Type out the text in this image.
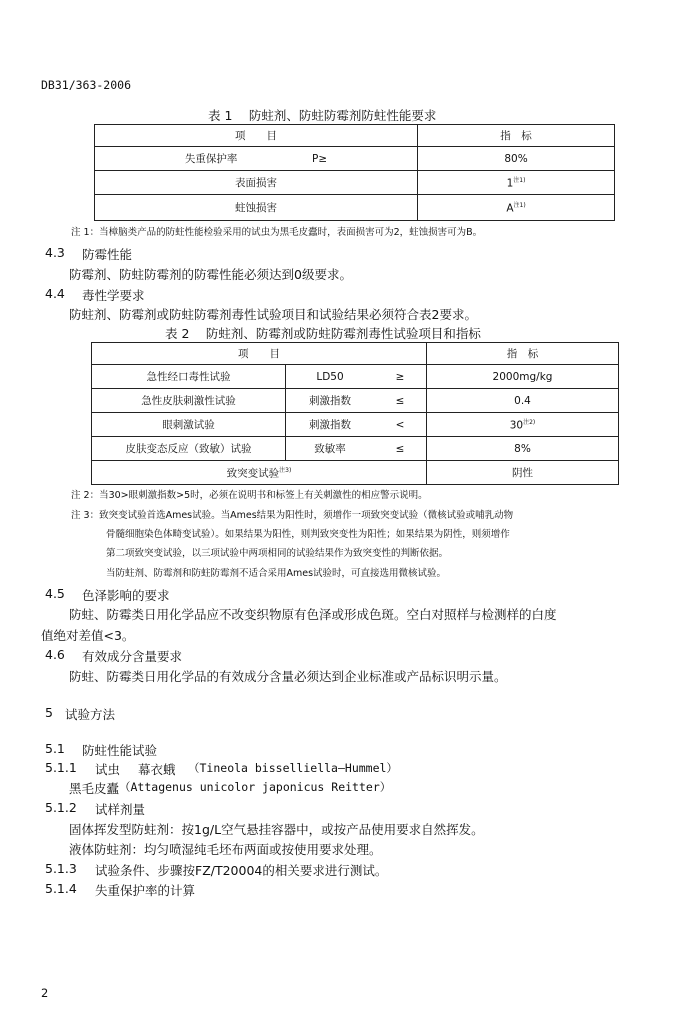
DB31/363-2006
表 1　 防蛀剂、防蛀防霉剂防蛀性能要求
项　　目	指　标
失重保护率 P≥	80%
表面损害	1$^{注1)}$
蛀蚀损害	$A^{注1)}$
注 1：当樟脑类产品的防蛀性能检验采用的试虫为黑毛皮蠹时，表面损害可为2，蛀蚀损害可为B。
4.3 防霉性能
防霉剂、防蛀防霉剂的防霉性能必须达到0级要求。
4.4 毒性学要求
防蛀剂、防霉剂或防蛀防霉剂毒性试验项目和试验结果必须符合表2要求。
表 2　 防蛀剂、防霉剂或防蛀防霉剂毒性试验项目和指标
项　　目			指　标
急性经口毒性试验	LD50	≥	2000mg/kg
急性皮肤刺激性试验	刺激指数	≤	0.4
眼刺激试验	刺激指数	<	$30^{注2)}$
皮肤变态反应（致敏）试验	致敏率	≤	8%
致突变试验$^{注3)}$			阴性
注 2：当30>眼刺激指数>5时，必须在说明书和标签上有关刺激性的相应警示说明。
注 3：致突变试验首选Ames试验。当Ames结果为阳性时，须增作一项致突变试验（微核试验或哺乳动物
骨髓细胞染色体畸变试验）。如果结果为阳性，则判致突变性为阳性；如果结果为阴性，则须增作
第二项致突变试验，以三项试验中两项相同的试验结果作为致突变性的判断依据。
当防蛀剂、防霉剂和防蛀防霉剂不适合采用Ames试验时，可直接选用微核试验。
4.5 色泽影响的要求
防蛀、防霉类日用化学品应不改变织物原有色泽或形成色斑。空白对照样与检测样的白度
值绝对差值<3。
4.6 有效成分含量要求
防蛀、防霉类日用化学品的有效成分含量必须达到企业标准或产品标识明示量。
5 试验方法
5.1 防蛀性能试验
5.1.1 试虫 幕衣蛾 （Tineola bisselliella—Hummel）
黑毛皮蠹 （Attagenus unicolor japonicus Reitter）
5.1.2 试样剂量
固体挥发型防蛀剂：按1g/L空气悬挂容器中，或按产品使用要求自然挥发。
液体防蛀剂：均匀喷湿纯毛坯布两面或按使用要求处理。
5.1.3 试验条件、步骤按FZ/T20004的相关要求进行测试。
5.1.4 失重保护率的计算
2
